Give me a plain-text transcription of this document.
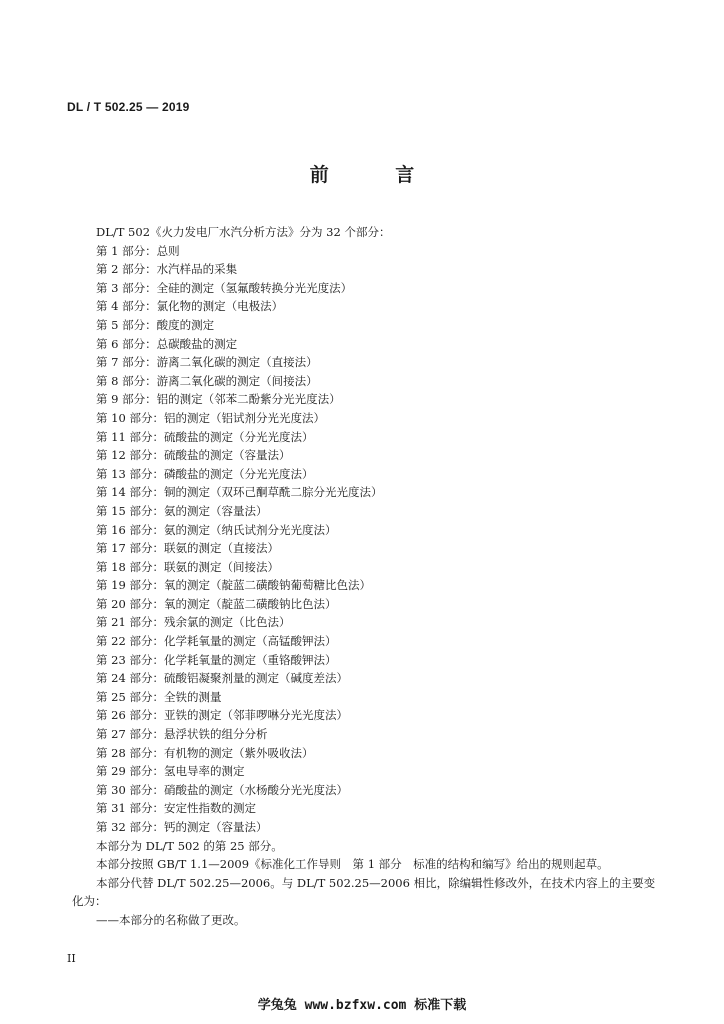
DL / T 502.25 — 2019
前 言
DL/T 502《火力发电厂水汽分析方法》分为 32 个部分：
第 1 部分：总则
第 2 部分：水汽样品的采集
第 3 部分：全硅的测定（氢氟酸转换分光光度法）
第 4 部分：氯化物的测定（电极法）
第 5 部分：酸度的测定
第 6 部分：总碳酸盐的测定
第 7 部分：游离二氧化碳的测定（直接法）
第 8 部分：游离二氧化碳的测定（间接法）
第 9 部分：铝的测定（邻苯二酚紫分光光度法）
第 10 部分：铝的测定（铝试剂分光光度法）
第 11 部分：硫酸盐的测定（分光光度法）
第 12 部分：硫酸盐的测定（容量法）
第 13 部分：磷酸盐的测定（分光光度法）
第 14 部分：铜的测定（双环己酮草酰二腙分光光度法）
第 15 部分：氨的测定（容量法）
第 16 部分：氨的测定（纳氏试剂分光光度法）
第 17 部分：联氨的测定（直接法）
第 18 部分：联氨的测定（间接法）
第 19 部分：氧的测定（靛蓝二磺酸钠葡萄糖比色法）
第 20 部分：氧的测定（靛蓝二磺酸钠比色法）
第 21 部分：残余氯的测定（比色法）
第 22 部分：化学耗氧量的测定（高锰酸钾法）
第 23 部分：化学耗氧量的测定（重铬酸钾法）
第 24 部分：硫酸铝凝聚剂量的测定（碱度差法）
第 25 部分：全铁的测量
第 26 部分：亚铁的测定（邻菲啰啉分光光度法）
第 27 部分：悬浮状铁的组分分析
第 28 部分：有机物的测定（紫外吸收法）
第 29 部分：氢电导率的测定
第 30 部分：硝酸盐的测定（水杨酸分光光度法）
第 31 部分：安定性指数的测定
第 32 部分：钙的测定（容量法）
本部分为 DL/T 502 的第 25 部分。
本部分按照 GB/T 1.1—2009《标准化工作导则　第 1 部分　标准的结构和编写》给出的规则起草。
本部分代替 DL/T 502.25—2006。与 DL/T 502.25—2006 相比，除编辑性修改外，在技术内容上的主要变化为：
——本部分的名称做了更改。
II
学兔兔 www.bzfxw.com 标准下载
